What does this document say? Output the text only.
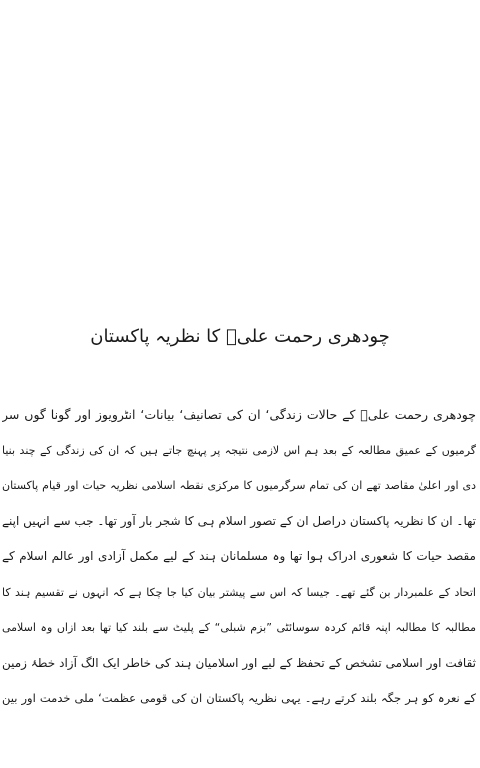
چودھری رحمت علیؒ کا نظریہ پاکستان
چودھری رحمت علیؒ کے حالات زندگی‘ ان کی تصانیف‘ بیانات‘ انٹرویوز اور گونا گوں سر
گرمیوں کے عمیق مطالعہ کے بعد ہم اس لازمی نتیجہ پر پہنچ جاتے ہیں کہ ان کی زندگی کے چند بنیا
دی اور اعلیٰ مقاصد تھے ان کی تمام سرگرمیوں کا مرکزی نقطہ اسلامی نظریہ حیات اور قیام پاکستان
تھا۔ ان کا نظریہ پاکستان دراصل ان کے تصور اسلام ہی کا شجر بار آور تھا۔ جب سے انہیں اپنے
مقصد حیات کا شعوری ادراک ہوا تھا وہ مسلمانان ہند کے لیے مکمل آزادی اور عالم اسلام کے
اتحاد کے علمبردار بن گئے تھے۔ جیسا کہ اس سے پیشتر بیان کیا جا چکا ہے کہ انہوں نے تقسیم ہند کا
مطالبہ کا مطالبہ اپنہ قائم کردہ سوسائٹی ”بزم شبلی“ کے پلیٹ سے بلند کیا تھا بعد ازاں وہ اسلامی
ثقافت اور اسلامی تشخص کے تحفظ کے لیے اور اسلامیان ہند کی خاطر ایک الگ آزاد خطۂ زمین
کے نعرہ کو ہر جگہ بلند کرتے رہے۔ یہی نظریہ پاکستان ان کی قومی عظمت‘ ملی خدمت اور بین
